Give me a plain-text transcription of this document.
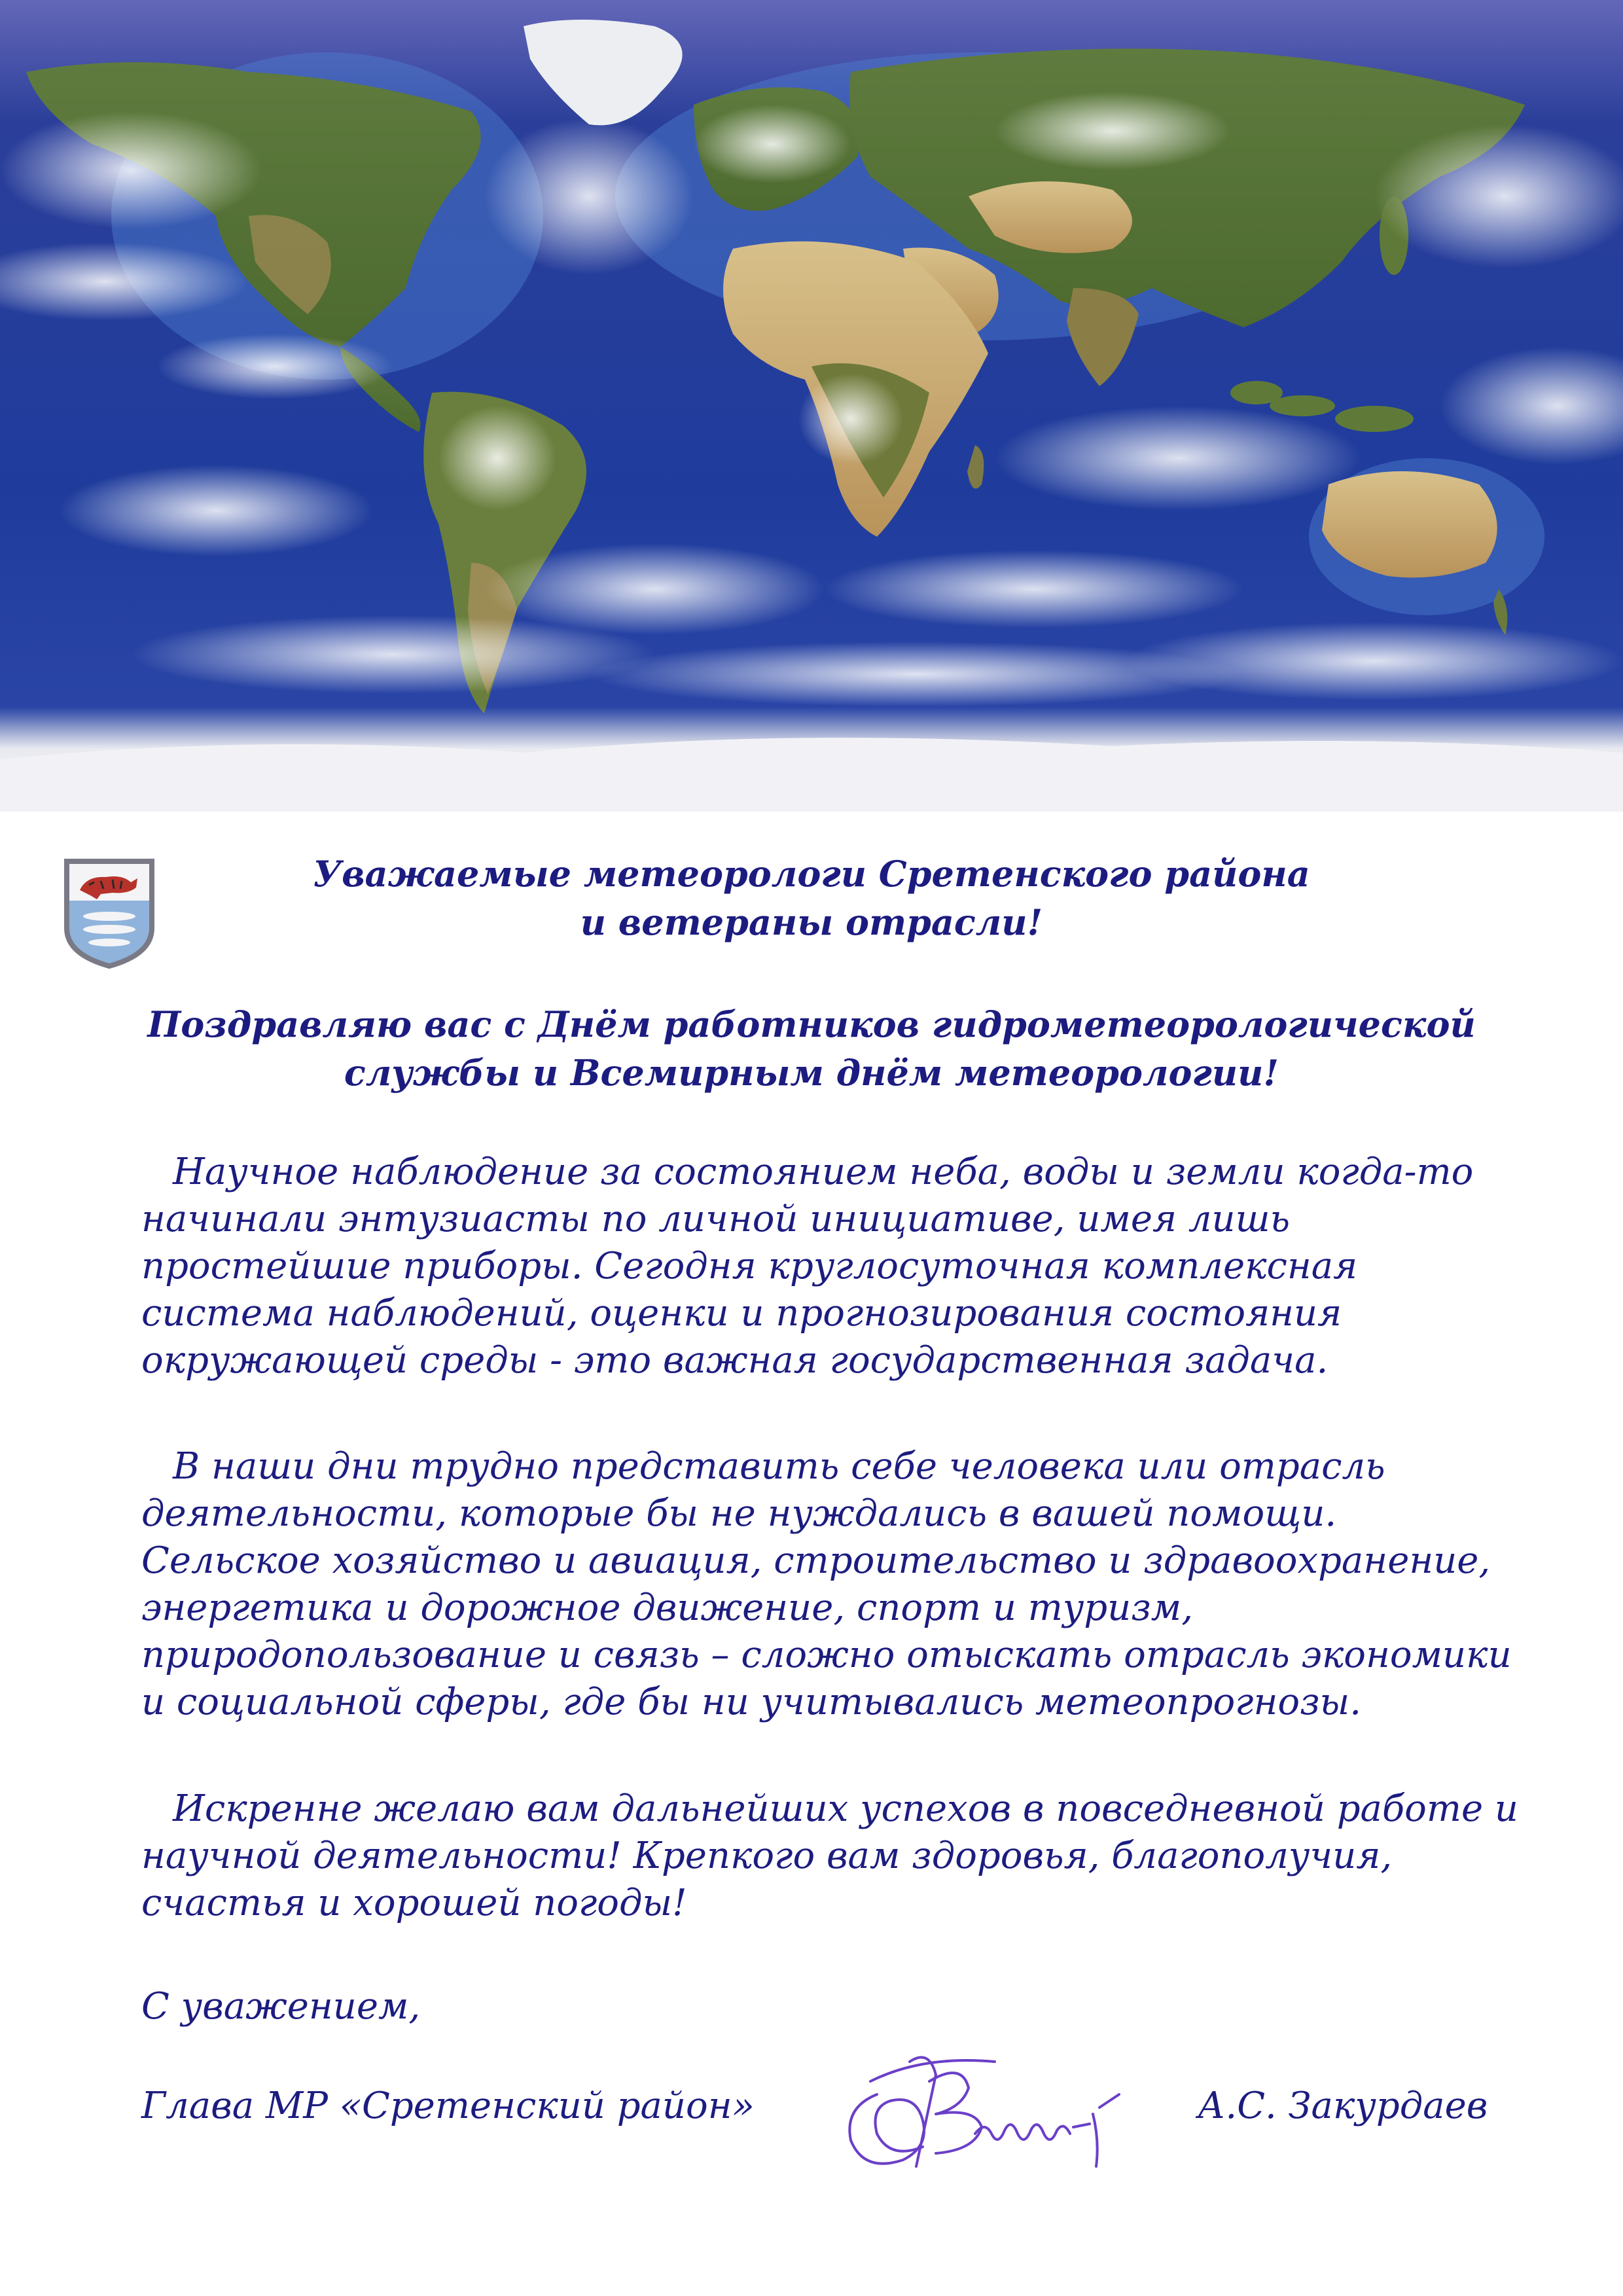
Уважаемые метеорологи Сретенского района
и ветераны отрасли!
Поздравляю вас с Днём работников гидрометеорологической
службы и Всемирным днём метеорологии!
Научное наблюдение за состоянием неба, воды и земли когда-то начинали энтузиасты по личной инициативе, имея лишь простейшие приборы. Сегодня круглосуточная комплексная система наблюдений, оценки и прогнозирования состояния окружающей среды - это важная государственная задача.
В наши дни трудно представить себе человека или отрасль деятельности, которые бы не нуждались в вашей помощи. Сельское хозяйство и авиация, строительство и здравоохранение, энергетика и дорожное движение, спорт и туризм, природопользование и связь – сложно отыскать отрасль экономики и социальной сферы, где бы ни учитывались метеопрогнозы.
Искренне желаю вам дальнейших успехов в повседневной работе и научной деятельности! Крепкого вам здоровья, благополучия, счастья и хорошей погоды!
С уважением,
Глава МР «Сретенский район»	А.С. Закурдаев
